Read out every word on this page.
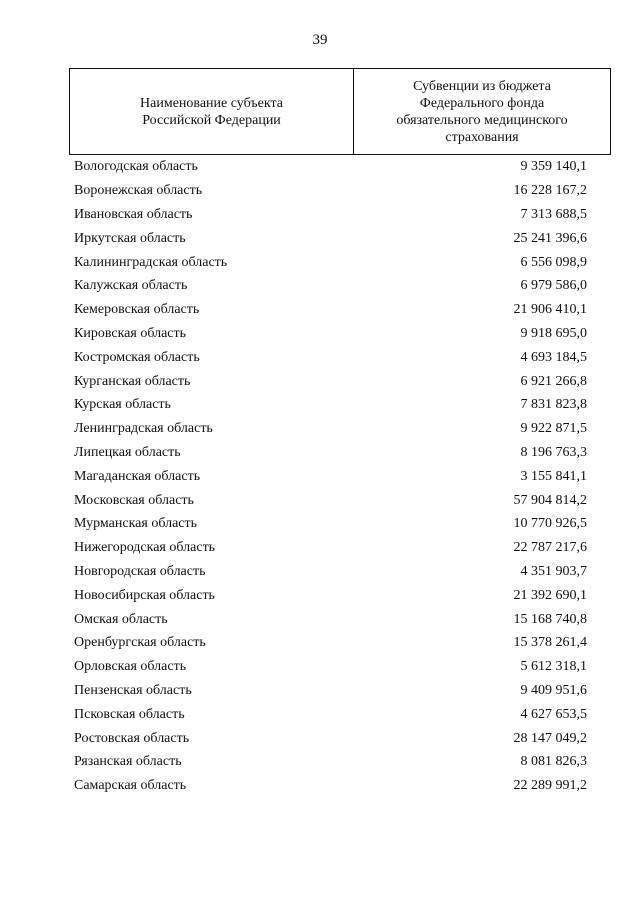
39
Наименование субъекта
Российской Федерации

Субвенции из бюджета
Федерального фонда
обязательного медицинского
страхования
Вологодская область	9 359 140,1
Воронежская область	16 228 167,2
Ивановская область	7 313 688,5
Иркутская область	25 241 396,6
Калининградская область	6 556 098,9
Калужская область	6 979 586,0
Кемеровская область	21 906 410,1
Кировская область	9 918 695,0
Костромская область	4 693 184,5
Курганская область	6 921 266,8
Курская область	7 831 823,8
Ленинградская область	9 922 871,5
Липецкая область	8 196 763,3
Магаданская область	3 155 841,1
Московская область	57 904 814,2
Мурманская область	10 770 926,5
Нижегородская область	22 787 217,6
Новгородская область	4 351 903,7
Новосибирская область	21 392 690,1
Омская область	15 168 740,8
Оренбургская область	15 378 261,4
Орловская область	5 612 318,1
Пензенская область	9 409 951,6
Псковская область	4 627 653,5
Ростовская область	28 147 049,2
Рязанская область	8 081 826,3
Самарская область	22 289 991,2
